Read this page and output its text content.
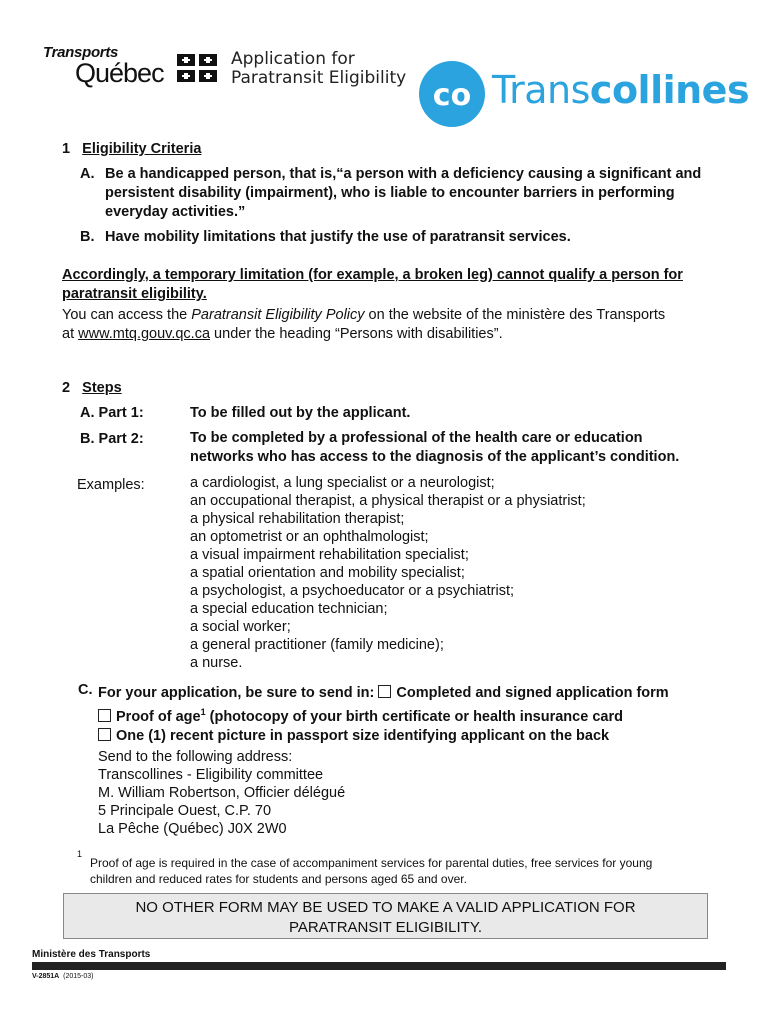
Transports
Québec	Application for
Paratransit Eligibility co Transcollines
1 Eligibility Criteria
A. Be a handicapped person, that is,“a person with a deficiency causing a significant and
persistent disability (impairment), who is liable to encounter barriers in performing
everyday activities.”
B. Have mobility limitations that justify the use of paratransit services.
Accordingly, a temporary limitation (for example, a broken leg) cannot qualify a person for
paratransit eligibility.
You can access the Paratransit Eligibility Policy on the website of the ministère des Transports
at www.mtq.gouv.qc.ca under the heading “Persons with disabilities”.
2 Steps
A. Part 1:	To be filled out by the applicant.
B. Part 2:	To be completed by a professional of the health care or education
networks who has access to the diagnosis of the applicant’s condition.
Examples:	a cardiologist, a lung specialist or a neurologist;
an occupational therapist, a physical therapist or a physiatrist;
a physical rehabilitation therapist;
an optometrist or an ophthalmologist;
a visual impairment rehabilitation specialist;
a spatial orientation and mobility specialist;
a psychologist, a psychoeducator or a psychiatrist;
a special education technician;
a social worker;
a general practitioner (family medicine);
a nurse.
C. For your application, be sure to send in: Completed and signed application form
Proof of age$^1$ (photocopy of your birth certificate or health insurance card
One (1) recent picture in passport size identifying applicant on the back
Send to the following address:
Transcollines - Eligibility committee
M. William Robertson, Officier délégué
5 Principale Ouest, C.P. 70
La Pêche (Québec) J0X 2W0
1
Proof of age is required in the case of accompaniment services for parental duties, free services for young
children and reduced rates for students and persons aged 65 and over.
NO OTHER FORM MAY BE USED TO MAKE A VALID APPLICATION FOR
PARATRANSIT ELIGIBILITY.
Ministère des Transports
V-2851A (2015-03)
